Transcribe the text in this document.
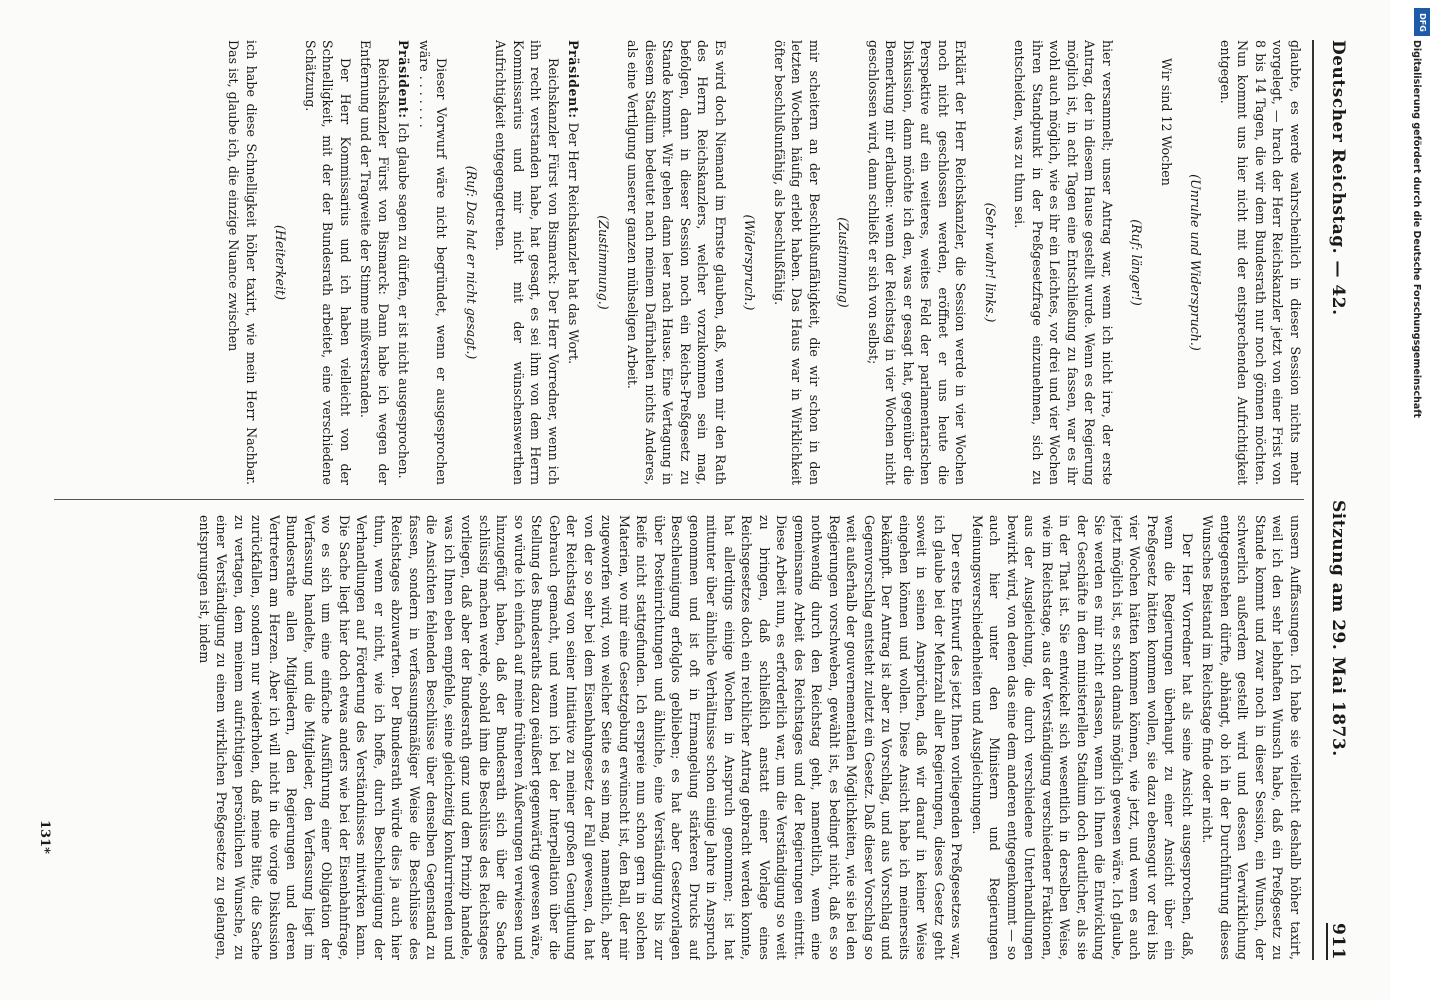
Deutscher Reichstag. — 42.
Sitzung am 29. Mai 1873.
911

glaubte, es werde wahrscheinlich in dieser Session nichts mehr vorgelegt, — hrach der Herr Reichskanzler jetzt von einer Frist von 8 bis 14 Tagen, die wir dem Bundesrath nur noch gönnen möchten. Nun kommt uns hier nicht mit der entsprechenden Aufrichtigkeit entgegen.

(Unruhe und Widerspruch.)

Wir sind 12 Wochen

(Ruf: länger!)

hier versammelt; unser Antrag war, wenn ich nicht irre, der erste Antrag, der in diesem Hause gestellt wurde. Wenn es der Regierung möglich ist, in acht Tagen eine Entschließung zu fassen, war es ihr wohl auch möglich, wie es ihr ein Leichtes, vor drei und vier Wochen ihren Standpunkt in der Preßgesetzfrage einzunehmen, sich zu entscheiden, was zu thun sei.

(Sehr wahr! links.)

Erklärt der Herr Reichskanzler, die Session werde in vier Wochen noch nicht geschlossen werden, eröffnet er uns heute die Perspektive auf ein weiteres, weites Feld der parlamentarischen Diskussion, dann möchte ich den, was er gesagt hat, gegenüber die Bemerkung mir erlauben: wenn der Reichstag in vier Wochen nicht geschlossen wird, dann schließt er sich von selbst;

(Zustimmung)

mir scheitern an der Beschlußunfähigkeit, die wir schon in den letzten Wochen häufig erlebt haben. Das Haus war in Wirklichkeit öfter beschlußunfähig, als beschlußfähig.

(Widerspruch.)

Es wird doch Niemand im Ernste glauben, daß, wenn mir den Rath des Herrn Reichskanzlers, welcher vorzukommen sein mag, befolgen, dann in dieser Session noch ein Reichs-Preßgesetz zu Stande kommt. Wir gehen dann leer nach Hause. Eine Vertagung in diesem Stadium bedeutet nach meinem Dafürhalten nichts Anderes, als eine Vertilgung unserer ganzen mühseligen Arbeit.

(Zustimmung.)

Präsident: Der Herr Reichskanzler hat das Wort.

Reichskanzler Fürst von Bismarck: Der Herr Vorredner, wenn ich ihn recht verstanden habe, hat gesagt, es sei ihm von dem Herrn Kommissarius und mir nicht mit der wünschenswerthen Aufrichtigkeit entgegengetreten.

(Ruf: Das hat er nicht gesagt.)

Dieser Vorwurf wäre nicht begründet, wenn er ausgesprochen wäre . . . . . . .

Präsident: Ich glaube sagen zu dürfen, er ist nicht ausgesprochen.

Reichskanzler Fürst von Bismarck: Dann habe ich wegen der Entfernung und der Tragweite der Stimme mißverstanden.

Der Herr Kommissarius und ich haben vielleicht von der Schnelligkeit, mit der der Bundesrath arbeitet, eine verschiedene Schätzung.

(Heiterkeit)

ich habe diese Schnelligkeit höher taxirt, wie mein Herr Nachbar. Das ist, glaube ich, die einzige Nuance zwischen

unsern Auffassungen. Ich habe sie vielleicht deshalb höher taxirt, weil ich den sehr lebhaften Wunsch habe, daß ein Preßgesetz zu Stande kommt und zwar noch in dieser Session, ein Wunsch, der schwerlich außerdem gestellt wird und dessen Verwirklichung entgegenstehen dürfte, abhängt, ob ich in der Durchführung dieses Wunsches Beistand im Reichstage finde oder nicht.

Der Herr Vorredner hat als seine Ansicht ausgesprochen, daß, wenn die Regierungen überhaupt zu einer Ansicht über ein Preßgesetz hätten kommen wollen, sie dazu ebensogut vor drei bis vier Wochen hätten kommen können, wie jetzt, und wenn es auch jetzt möglich ist, es schon damals möglich gewesen wäre. Ich glaube, Sie werden es mir nicht erlassen, wenn ich Ihnen die Entwicklung der Geschäfte in dem ministeriellen Stadium doch deutlicher, als sie in der That ist. Sie entwickelt sich wesentlich in derselben Weise, wie im Reichstage, aus der Verständigung verschiedener Fraktionen, aus der Ausgleichung, die durch verschiedene Unterhandlungen bewirkt wird, von denen das eine dem anderen entgegenkommt — so auch hier unter den Ministern und Regierungen Meinungsverschiedenheiten und Ausgleichungen.

Der erste Entwurf des jetzt Ihnen vorliegenden Preßgesetzes war, ich glaube bei der Mehrzahl aller Regierungen, dieses Gesetz geht soweit in seinen Ansprüchen, daß wir darauf in keiner Weise eingehen können und wollen. Diese Ansicht habe ich meinerseits bekämpft. Der Antrag ist aber zu Vorschlag, und aus Vorschlag und Gegenvorschlag entsteht zuletzt ein Gesetz. Daß dieser Vorschlag so weit außerhalb der gouvernementalen Möglichkeiten, wie sie bei den Regierungen vorschweben, gewählt ist, es bedingt nicht, daß es so nothwendig durch den Reichstag geht, namentlich, wenn eine gemeinsame Arbeit des Reichstages und der Regierungen eintritt. Diese Arbeit nun, es erforderlich war, um die Verständigung so weit zu bringen, daß schließlich anstatt einer Vorlage eines Reichsgesetzes doch ein reichlicher Antrag gebracht werden konnte, hat allerdings einige Wochen in Anspruch genommen; ist hat mitunter über ähnliche Verhältnisse schon einige Jahre in Anspruch genommen und ist oft in Ermangelung stärkeren Drucks auf Beschleunigung erfolglos geblieben; es hat aber Gesetzvorlagen über Posteinrichtungen und ähnliche, eine Verständigung bis zur Reife nicht stattgefunden. Ich erspreie nun schon gern in solchen Materien, wo mir eine Gesetzgebung erwünscht ist, den Ball, der mir zugeworfen wird, von welcher Seite es sein mag, namentlich, aber von der so sehr bei dem Eisenbahngesetz der Fall gewesen, da hat der Reichstag von seiner Initiative zu meiner großen Genugthuung Gebrauch gemacht, und wenn ich bei der Interpellation über die Stellung des Bundesraths dazu geäußert gegenwärtig gewesen wäre, so würde ich einfach auf meine früheren Äußerungen verwiesen und hinzugefügt haben, daß der Bundesrath sich über die Sache schlüssig machen werde, sobald ihm die Beschlüsse des Reichstages vorliegen, daß aber der Bundesrath ganz und dem Prinzip handele, was ich Ihnen eben empfehle, seine gleichzeitig konkurrirenden und die Ansichten fehlenden Beschlüsse über denselben Gegenstand zu fassen, sondern in verfassungsmäßiger Weise die Beschlüsse des Reichstages abzuwarten. Der Bundesrath würde dies ja auch hier thun, wenn er nicht, wie ich hoffe, durch Beschleunigung der Verhandlungen auf Förderung des Verständnisses mitwirken kann. Die Sache liegt hier doch etwas anders wie bei der Eisenbahnfrage, wo es sich um eine einfache Ausführung einer Obligation der Verfassung handelte, und die Mitglieder, den Verfassung liegt im Bundesrathe allen Mitgliedern, den Regierungen und deren Vertretern am Herzen. Aber ich will nicht in die vorige Diskussion zurückfallen, sondern nur wiederholen, daß meine Bitte, die Sache zu vertagen, dem meinem aufrichtigen persönlichen Wunsche, zu einer Verständigung zu einem wirklichen Preßgesetze zu gelangen, entsprungen ist, indem

131*
DFG
Digitalisierung gefördert durch die Deutsche Forschungsgemeinschaft
